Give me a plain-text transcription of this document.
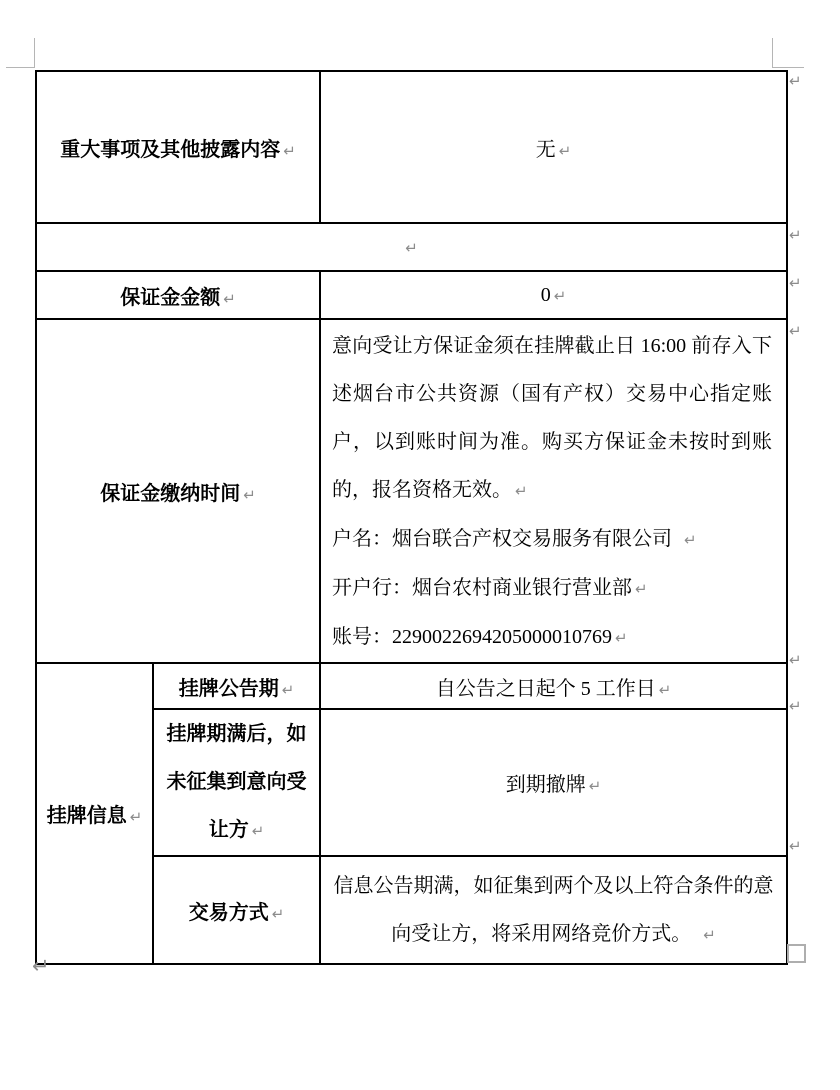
重大事项及其他披露内容 ↵		无 ↵
↵		
保证金金额 ↵		0 ↵
保证金缴纳时间 ↵		意向受让方保证金须在挂牌截止日 16:00 前存入下述烟台市公共资源（国有产权）交易中心指定账户，以到账时间为准。购买方保证金未按时到账的，报名资格无效。 ↵

户名：烟台联合产权交易服务有限公司 ↵

开户行：烟台农村商业银行营业部 ↵

账号：2290022694205000010769 ↵

挂牌信息 ↵	挂牌公告期 ↵	自公告之日起个 5 工作日 ↵
	挂牌期满后，如未征集到意向受让方 ↵	到期撤牌 ↵
	交易方式 ↵	信息公告期满，如征集到两个及以上符合条件的意向受让方，将采用网络竞价方式。 ↵
↵
↵
↵
↵
↵
↵
↵
↵
